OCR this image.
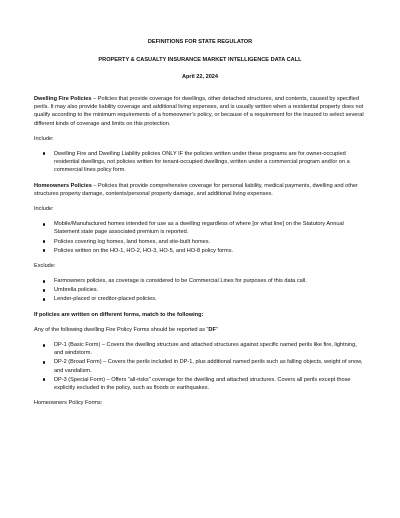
DEFINITIONS FOR STATE REGULATOR
PROPERTY & CASUALTY INSURANCE MARKET INTELLIGENCE DATA CALL
April 22, 2024

Dwelling Fire Policies – Policies that provide coverage for dwellings, other detached structures, and contents, caused by specified perils. It may also provide liability coverage and additional living expenses, and is usually written when a residential property does not qualify according to the minimum requirements of a homeowner’s policy, or because of a requirement for the insured to select several different kinds of coverage and limits on this protection.

Include:

Dwelling Fire and Dwelling Liability policies ONLY IF the policies written under these programs are for owner-occupied residential dwellings, not policies written for tenant-occupied dwellings, written under a commercial program and/or on a commercial lines policy form.

Homeowners Policies – Policies that provide comprehensive coverage for personal liability, medical payments, dwelling and other structures property damage, contents/personal property damage, and additional living expenses.

Include:

Mobile/Manufactured homes intended for use as a dwelling regardless of where [or what line] on the Statutory Annual Statement state page associated premium is reported.
Policies covering log homes, land homes, and site-built homes.
Policies written on the HO-1, HO-2, HO-3, HO-5, and HO-8 policy forms.

Exclude:

Farmowners policies, as coverage is considered to be Commercial Lines for purposes of this data call.
Umbrella policies.
Lender-placed or creditor-placed policies.

If policies are written on different forms, match to the following:

Any of the following dwelling Fire Policy Forms should be reported as “DF”

DP-1 (Basic Form) – Covers the dwelling structure and attached structures against specific named perils like fire, lightning, and windstorm.
DP-2 (Broad Form) – Covers the perils included in DP-1, plus additional named perils such as falling objects, weight of snow, and vandalism.
DP-3 (Special Form) – Offers “all-risks” coverage for the dwelling and attached structures. Covers all perils except those explicitly excluded in the policy, such as floods or earthquakes.

Homeowners Policy Forms:
